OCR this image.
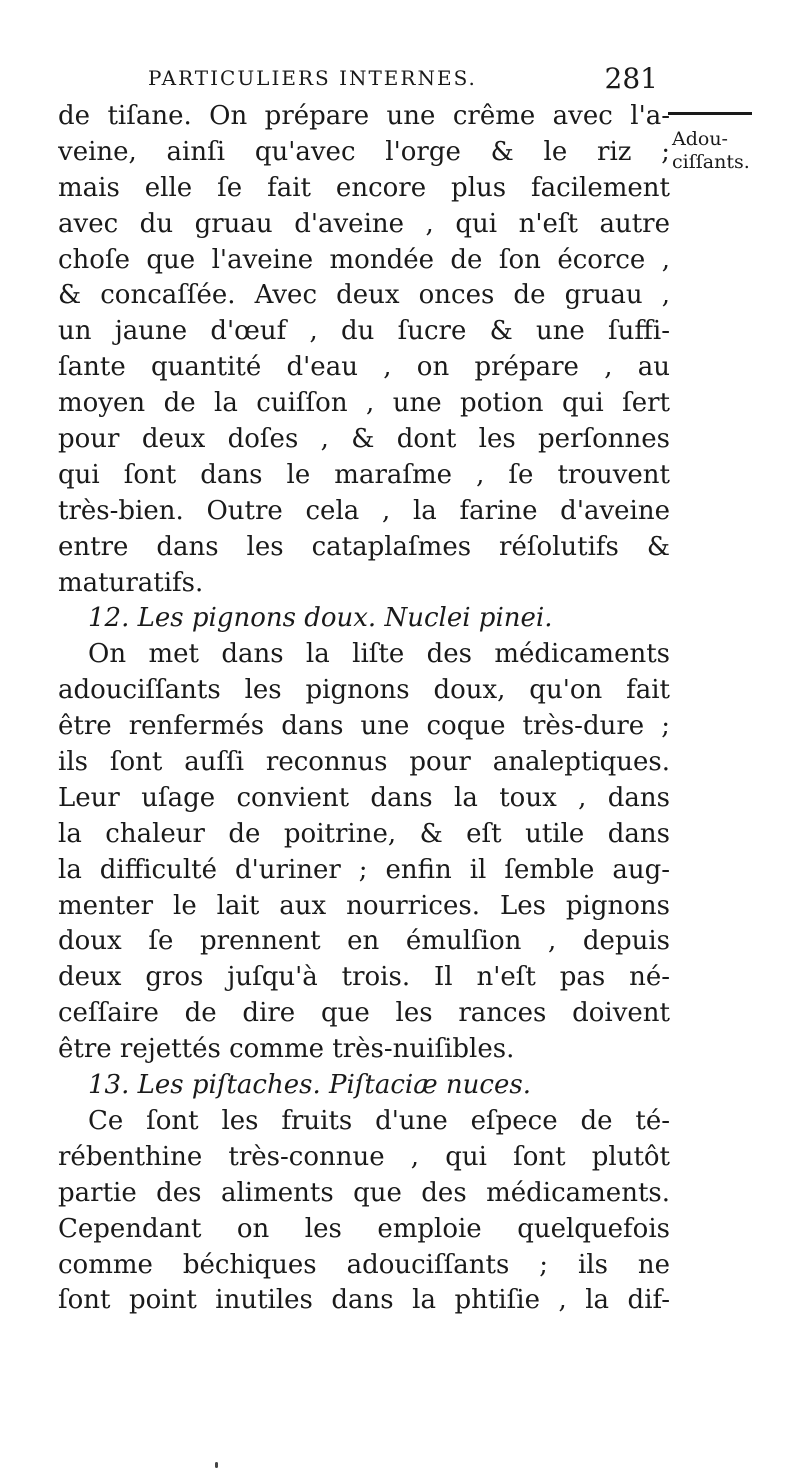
PARTICULIERS INTERNES.	281
Adou-
ciſſants.
de tiſane. On prépare une crême avec l'a-
veine, ainſi qu'avec l'orge & le riz ;
mais elle ſe fait encore plus facilement
avec du gruau d'aveine , qui n'eſt autre
choſe que l'aveine mondée de ſon écorce ,
& concaſſée. Avec deux onces de gruau ,
un jaune d'œuf , du ſucre & une ſuffi-
ſante quantité d'eau , on prépare , au
moyen de la cuiſſon , une potion qui ſert
pour deux doſes , & dont les perſonnes
qui ſont dans le maraſme , ſe trouvent
très-bien. Outre cela , la farine d'aveine
entre dans les cataplaſmes réſolutifs &
maturatifs.
12. Les pignons doux. Nuclei pinei.
On met dans la liſte des médicaments
adouciſſants les pignons doux, qu'on fait
être renfermés dans une coque très-dure ;
ils ſont auſſi reconnus pour analeptiques.
Leur uſage convient dans la toux , dans
la chaleur de poitrine, & eſt utile dans
la difficulté d'uriner ; enfin il ſemble aug-
menter le lait aux nourrices. Les pignons
doux ſe prennent en émulſion , depuis
deux gros juſqu'à trois. Il n'eſt pas né-
ceſſaire de dire que les rances doivent
être rejettés comme très-nuiſibles.
13. Les piſtaches. Piſtaciæ nuces.
Ce ſont les fruits d'une eſpece de té-
rébenthine très-connue , qui ſont plutôt
partie des aliments que des médicaments.
Cependant on les emploie quelquefois
comme béchiques adouciſſants ; ils ne
ſont point inutiles dans la phtiſie , la dif-
